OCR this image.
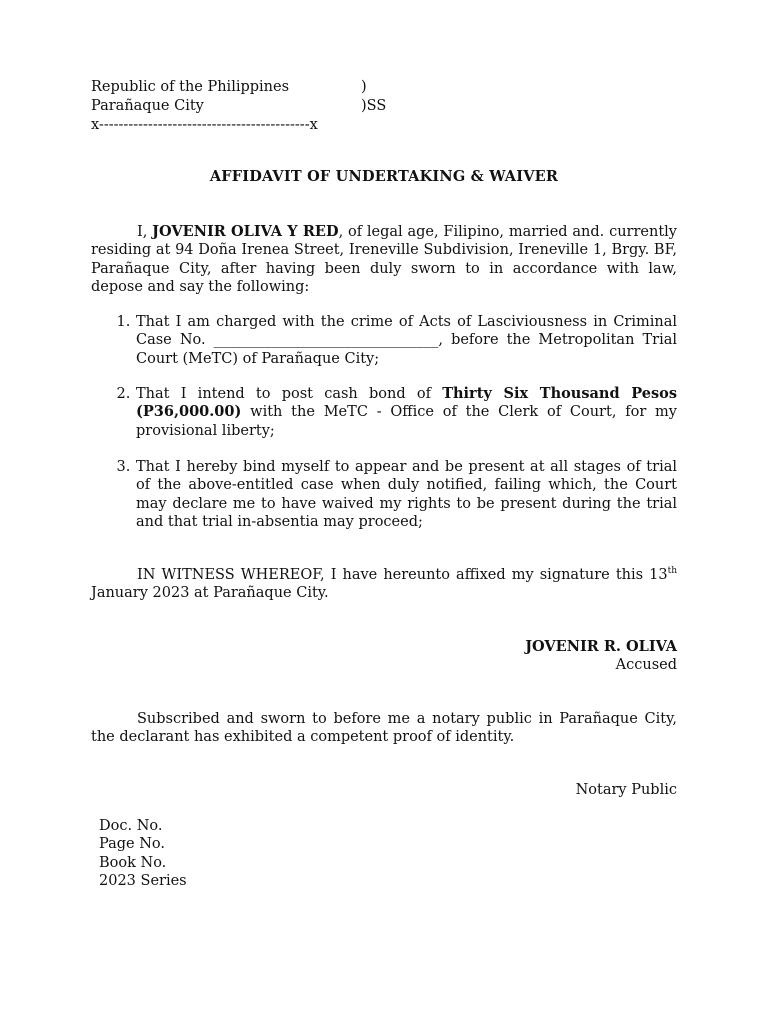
Republic of the Philippines	)
Parañaque City	)SS
x-------------------------------------------x
AFFIDAVIT OF UNDERTAKING & WAIVER
I, JOVENIR OLIVA Y RED, of legal age, Filipino, married and. currently residing at 94 Doña Irenea Street, Ireneville Subdivision, Ireneville 1, Brgy. BF, Parañaque City, after having been duly sworn to in accordance with law, depose and say the following:
1. That I am charged with the crime of Acts of Lasciviousness in Criminal Case No. _______________________________, before the Metropolitan Trial Court (MeTC) of Parañaque City;
2. That I intend to post cash bond of Thirty Six Thousand Pesos (P36,000.00) with the MeTC - Office of the Clerk of Court, for my provisional liberty;
3. That I hereby bind myself to appear and be present at all stages of trial of the above-entitled case when duly notified, failing which, the Court may declare me to have waived my rights to be present during the trial and that trial in-absentia may proceed;
IN WITNESS WHEREOF, I have hereunto affixed my signature this 13th January 2023 at Parañaque City.
JOVENIR R. OLIVA
Accused
Subscribed and sworn to before me a notary public in Parañaque City, the declarant has exhibited a competent proof of identity.
Notary Public
Doc. No.
Page No.
Book No.
2023 Series
